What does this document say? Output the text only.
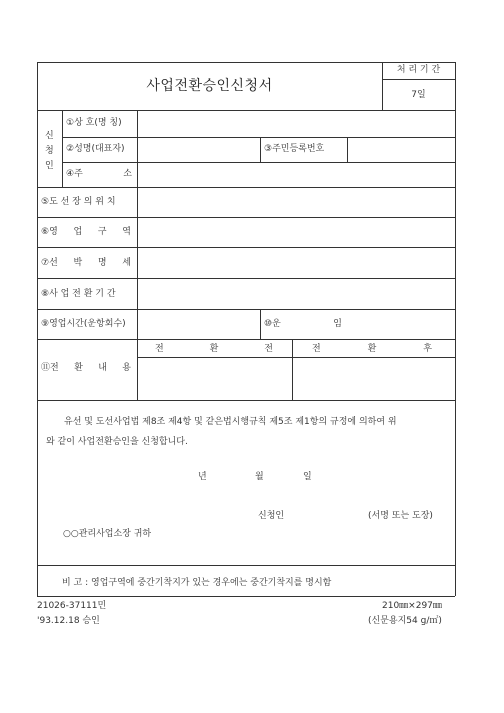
사업전환승인신청서
처 리 기 간
7일
신
청
인
①상 호(명 칭)
②성명(대표자)	③주민등록번호
④주	소
⑤도 선 장 의 위 치
⑥영 업 구 역
⑦선 박 명 세
⑧사 업 전 환 기 간
⑨영업시간(운항회수)	⑩운	임
⑪전 환 내 용
전	환	전	전	환	후
유선 및 도선사업법 제8조 제4항 및 같은법시행규칙 제5조 제1항의 규정에 의하여 위
와 같이 사업전환승인을 신청합니다.
년	월	일
신청인	(서명 또는 도장)
○○관리사업소장 귀하
비 고 : 영업구역에 중간기착지가 있는 경우에는 중간기착지를 명시함
21026-37111민
'93.12.18 승인
210㎜×297㎜
(신문용지54 g/㎡)
